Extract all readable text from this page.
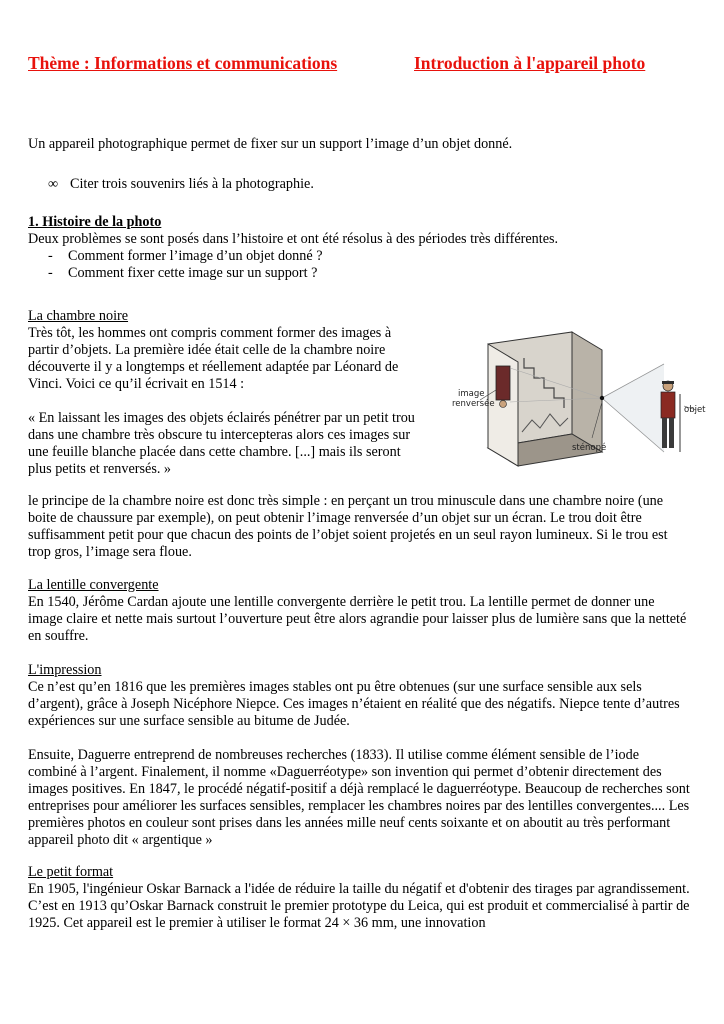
Thème : Informations et communications	Introduction à l'appareil photo
Un appareil photographique permet de fixer sur un support l’image d’un objet donné.
∞ Citer trois souvenirs liés à la photographie.

1. Histoire de la photo

Deux problèmes se sont posés dans l’histoire et ont été résolus à des périodes très différentes.

-	Comment former l’image d’un objet donné ?
-	Comment fixer cette image sur un support ?

La chambre noire

Très tôt, les hommes ont compris comment former des images à

partir d’objets. La première idée était celle de la chambre noire

découverte il y a longtemps et réellement adaptée par Léonard de

Vinci. Voici ce qu’il écrivait en 1514 :

« En laissant les images des objets éclairés pénétrer par un petit trou

dans une chambre très obscure tu intercepteras alors ces images sur

une feuille blanche placée dans cette chambre. [...] mais ils seront

plus petits et renversés. »

image
renversée
objet
sténopé

le principe de la chambre noire est donc très simple : en perçant un trou minuscule dans une chambre noire (une boite de chaussure par exemple), on peut obtenir l’image renversée d’un objet sur un écran. Le trou doit être suffisamment petit pour que chacun des points de l’objet soient projetés en un seul rayon lumineux. Si le trou est trop gros, l’image sera floue.

La lentille convergente

En 1540, Jérôme Cardan ajoute une lentille convergente derrière le petit trou. La lentille permet de donner une image claire et nette mais surtout l’ouverture peut être alors agrandie pour laisser plus de lumière sans que la netteté en souffre.

L'impression

Ce n’est qu’en 1816 que les premières images stables ont pu être obtenues (sur une surface sensible aux sels d’argent), grâce à Joseph Nicéphore Niepce. Ces images n’étaient en réalité que des négatifs. Niepce tente d’autres expériences sur une surface sensible au bitume de Judée.

Ensuite, Daguerre entreprend de nombreuses recherches (1833). Il utilise comme élément sensible de l’iode combiné à l’argent. Finalement, il nomme «Daguerréotype» son invention qui permet d’obtenir directement des images positives. En 1847, le procédé négatif-positif a déjà remplacé le daguerréotype. Beaucoup de recherches sont entreprises pour améliorer les surfaces sensibles, remplacer les chambres noires par des lentilles convergentes.... Les premières photos en couleur sont prises dans les années mille neuf cents soixante et on aboutit au très performant appareil photo dit « argentique »

Le petit format

En 1905, l'ingénieur Oskar Barnack a l'idée de réduire la taille du négatif et d'obtenir des tirages par agrandissement. C’est en 1913 qu’Oskar Barnack construit le premier prototype du Leica, qui est produit et commercialisé à partir de 1925. Cet appareil est le premier à utiliser le format 24 × 36 mm, une innovation
